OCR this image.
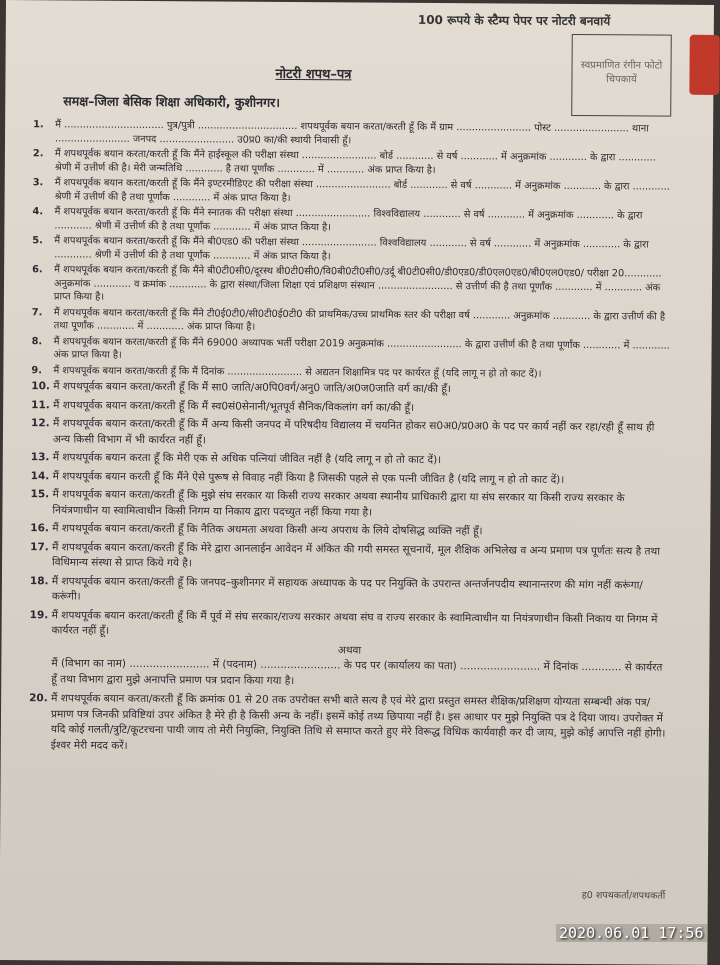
100 रूपये के स्टैम्प पेपर पर नोटरी बनवायें
स्वप्रमाणित रंगीन फोटो चिपकायें
नोटरी शपथ–पत्र
समक्ष–जिला बेसिक शिक्षा अधिकारी, कुशीनगर।
1.	मैं ................................ पुत्र/पुत्री ................................ शपथपूर्वक बयान करता/करती हूँ कि मैं ग्राम ........................ पोस्ट ........................ थाना ........................ जनपद ........................ उ0प्र0 का/की स्थायी निवासी हूँ।
2.	मैं शपथपूर्वक बयान करता/करती हूँ कि मैंने हाईस्कूल की परीक्षा संस्था ........................ बोर्ड ............ से वर्ष ............ में अनुक्रमांक ............ के द्वारा ............ श्रेणी में उत्तीर्ण की है। मेरी जन्मतिथि ............ है तथा पूर्णांक ............ में ............ अंक प्राप्त किया है।
3.	मैं शपथपूर्वक बयान करता/करती हूँ कि मैंने इण्टरमीडिएट की परीक्षा संस्था ........................ बोर्ड ............ से वर्ष ............ में अनुक्रमांक ............ के द्वारा ............ श्रेणी में उत्तीर्ण की है तथा पूर्णांक ............ में अंक प्राप्त किया है।
4.	मैं शपथपूर्वक बयान करता/करती हूँ कि मैंने स्नातक की परीक्षा संस्था ........................ विश्वविद्यालय ............ से वर्ष ............ में अनुक्रमांक ............ के द्वारा ............ श्रेणी में उत्तीर्ण की है तथा पूर्णांक ............ में अंक प्राप्त किया है।
5.	मैं शपथपूर्वक बयान करता/करती हूँ कि मैंने बी0एड0 की परीक्षा संस्था ........................ विश्वविद्यालय ............ से वर्ष ............ में अनुक्रमांक ............ के द्वारा ............ श्रेणी में उत्तीर्ण की है तथा पूर्णांक ............ में अंक प्राप्त किया है।
6.	मैं शपथपूर्वक बयान करता/करती हूँ कि मैंने बी0टी0सी0/दूरस्थ बी0टी0सी0/वि0बी0टी0सी0/उर्दू बी0टी0सी0/डी0एड0/डी0एल0एड0/बी0एल0एड0/ परीक्षा 20............ अनुक्रमांक ............ व क्रमांक ............ के द्वारा संस्था/जिला शिक्षा एवं प्रशिक्षण संस्थान ........................ से उत्तीर्ण की है तथा पूर्णांक ............ में ............ अंक प्राप्त किया है।
7.	मैं शपथपूर्वक बयान करता/करती हूँ कि मैंने टी0ई0टी0/सी0टी0ई0टी0 की प्राथमिक/उच्च प्राथमिक स्तर की परीक्षा वर्ष ............ अनुक्रमांक ............ के द्वारा उत्तीर्ण की है तथा पूर्णांक ............ में ............ अंक प्राप्त किया है।
8.	मैं शपथपूर्वक बयान करता/करती हूँ कि मैंने 69000 अध्यापक भर्ती परीक्षा 2019 अनुक्रमांक ........................ के द्वारा उत्तीर्ण की है तथा पूर्णांक ............ में ............ अंक प्राप्त किया है।
9.	मैं शपथपूर्वक बयान करता/करती हूँ कि मैं दिनांक ........................ से अद्यतन शिक्षामित्र पद पर कार्यरत हूँ (यदि लागू न हो तो काट दें)।
10. मैं शपथपूर्वक बयान करता/करती हूँ कि मैं सा0 जाति/अ0पि0वर्ग/अनु0 जाति/अ0ज0जाति वर्ग का/की हूँ।
11. मैं शपथपूर्वक बयान करता/करती हूँ कि मैं स्व0सं0सेनानी/भूतपूर्व सैनिक/विकलांग वर्ग का/की हूँ।
12. मैं शपथपूर्वक बयान करता/करती हूँ कि मैं अन्य किसी जनपद में परिषदीय विद्यालय में चयनित होकर स0अ0/प्र0अ0 के पद पर कार्य नहीं कर रहा/रही हूँ साथ ही अन्य किसी विभाग में भी कार्यरत नहीं हूँ।
13. मैं शपथपूर्वक बयान करता हूँ कि मेरी एक से अधिक पत्नियां जीवित नहीं है (यदि लागू न हो तो काट दें)।
14. मैं शपथपूर्वक बयान करती हूँ कि मैंने ऐसे पुरूष से विवाह नहीं किया है जिसकी पहले से एक पत्नी जीवित है (यदि लागू न हो तो काट दें)।
15. मैं शपथपूर्वक बयान करता/करती हूँ कि मुझे संघ सरकार या किसी राज्य सरकार अथवा स्थानीय प्राधिकारी द्वारा या संघ सरकार या किसी राज्य सरकार के नियंत्रणाधीन या स्वामित्वाधीन किसी निगम या निकाय द्वारा पदच्युत नहीं किया गया है।
16. मैं शपथपूर्वक बयान करता/करती हूँ कि नैतिक अधमता अथवा किसी अन्य अपराध के लिये दोषसिद्ध व्यक्ति नहीं हूँ।
17. मैं शपथपूर्वक बयान करता/करती हूँ कि मेरे द्वारा आनलाईन आवेदन में अंकित की गयी समस्त सूचनायें, मूल शैक्षिक अभिलेख व अन्य प्रमाण पत्र पूर्णतः सत्य है तथा विधिमान्य संस्था से प्राप्त किये गये है।
18. मैं शपथपूर्वक बयान करता/करती हूँ कि जनपद–कुशीनगर में सहायक अध्यापक के पद पर नियुक्ति के उपरान्त अन्तर्जनपदीय स्थानान्तरण की मांग नहीं करूंगा/करूंगी।
19. मैं शपथपूर्वक बयान करता/करती हूँ कि मैं पूर्व में संघ सरकार/राज्य सरकार अथवा संघ व राज्य सरकार के स्वामित्वाधीन या नियंत्रणाधीन किसी निकाय या निगम में कार्यरत नहीं हूँ।
अथवा
मैं (विभाग का नाम) ........................ में (पदनाम) ........................ के पद पर (कार्यालय का पता) ........................ में दिनांक ............ से कार्यरत हूँ तथा विभाग द्वारा मुझे अनापत्ति प्रमाण पत्र प्रदान किया गया है।
20. मैं शपथपूर्वक बयान करता/करती हूँ कि क्रमांक 01 से 20 तक उपरोक्त सभी बाते सत्य है एवं मेरे द्वारा प्रस्तुत समस्त शैक्षिक/प्रशिक्षण योग्यता सम्बन्धी अंक पत्र/प्रमाण पत्र जिनकी प्रविष्टियां उपर अंकित है मेरे ही है किसी अन्य के नहीं। इसमें कोई तथ्य छिपाया नहीं है। इस आधार पर मुझे नियुक्ति पत्र दे दिया जाय। उपरोक्त में यदि कोई गलती/त्रुटि/कूटरचना पायी जाय तो मेरी नियुक्ति, नियुक्ति तिथि से समाप्त करते हुए मेरे विरूद्ध विधिक कार्यवाही कर दी जाय, मुझे कोई आपत्ति नहीं होगी। ईश्वर मेरी मदद करें।
ह0 शपथकर्ता/शपथकर्ती
2020.06.01 17:56
